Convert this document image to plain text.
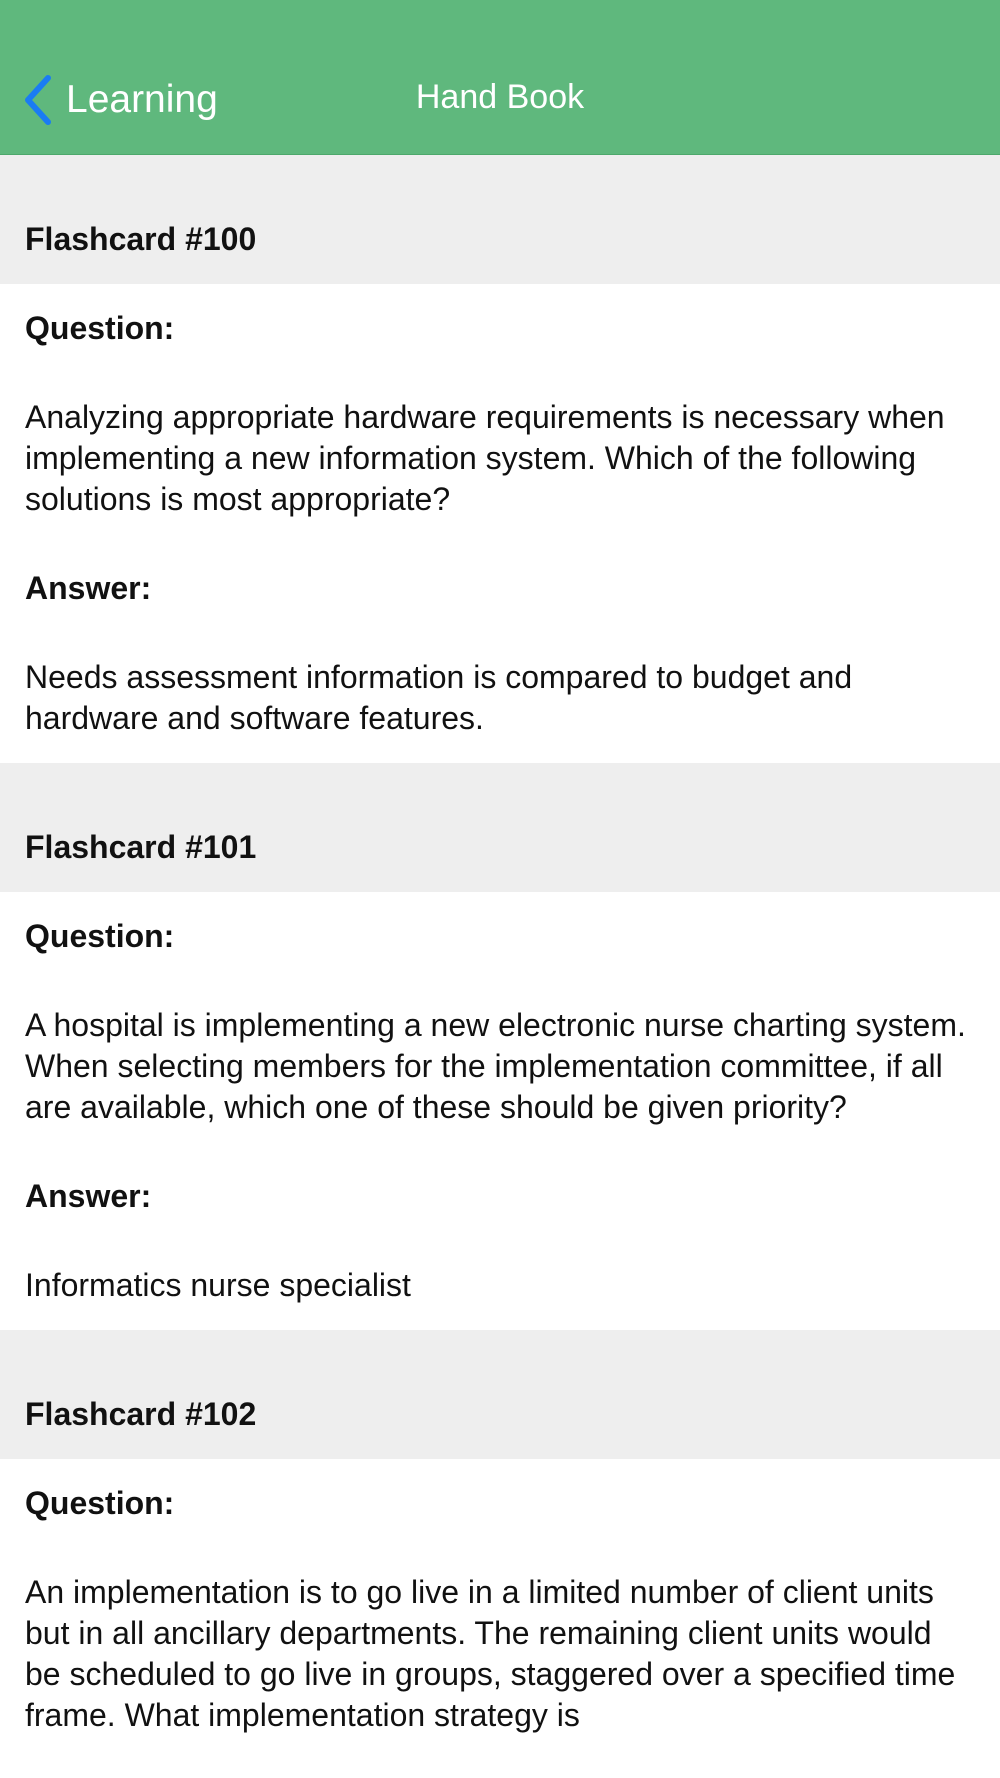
Learning	Hand Book
Flashcard #100
Question:
Analyzing appropriate hardware requirements is necessary when implementing a new information system. Which of the following solutions is most appropriate?
Answer:
Needs assessment information is compared to budget and hardware and software features.
Flashcard #101
Question:
A hospital is implementing a new electronic nurse charting system. When selecting members for the implementation committee, if all are available, which one of these should be given priority?
Answer:
Informatics nurse specialist
Flashcard #102
Question:
An implementation is to go live in a limited number of client units but in all ancillary departments. The remaining client units would be scheduled to go live in groups, staggered over a specified time frame. What implementation strategy is
